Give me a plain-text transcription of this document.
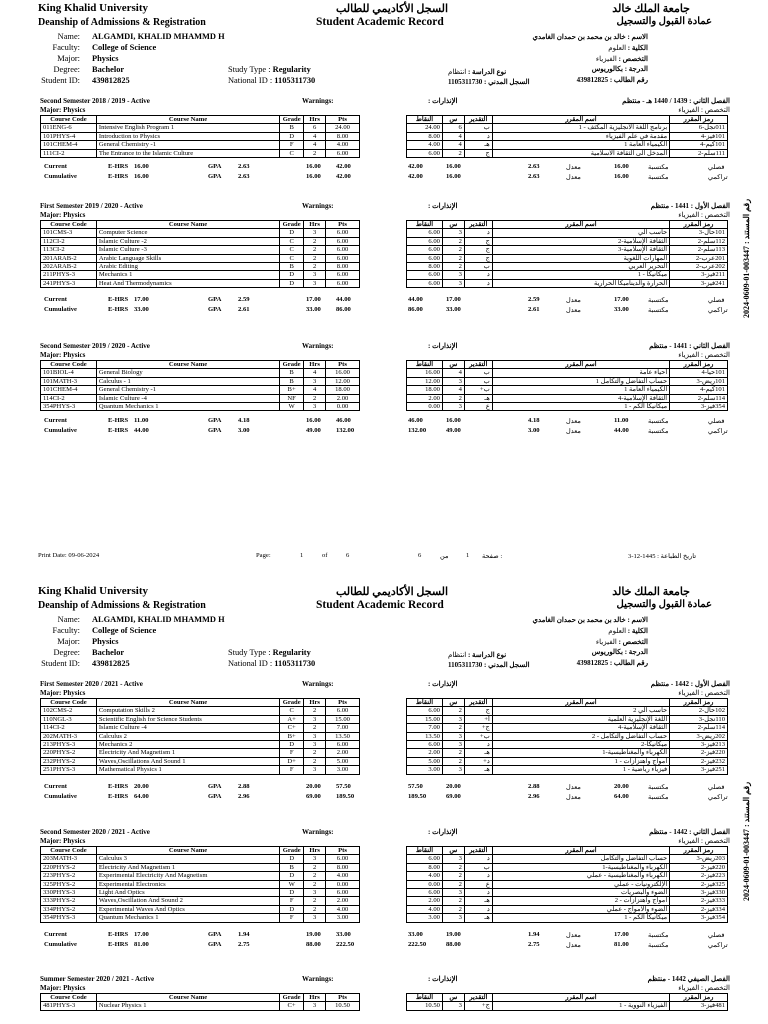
King Khalid University
Deanship of Admissions & Registration
السجل الأكاديمي للطالب
Student Academic Record
جامعة الملك خالد
عمادة القبول والتسجيل
Name: ALGAMDI, KHALID MHAMMD H
Faculty: College of Science
Major: Physics
Degree: Bachelor
Student ID: 439812825
Study Type : Regularity
National ID : 1105311730
الاسم : خالد بن محمد بن حمدان الغامدي
الكلية : العلوم
التخصص : الفيزياء
الدرجة : بكالوريوس
رقم الطالب : 439812825
نوع الدراسة : انتظام
السجل المدني : 1105311730
Second Semester 2018 / 2019 - Active	Warnings:
Major: Physics
الفصل الثاني : 1439 / 1440 هـ - منتظم
الإنذارات :
التخصص : الفيزياء
Course Code	Course Name	Grade	Hrs	Pts
011ENG-6	Intensive English Program 1	B	6	24.00
101PHYS-4	Introduction to Physics	D	4	8.00
101CHEM-4	General Chemistry -1	F	4	4.00
111CI-2	The Entrance to the Islamic Culture	C	2	6.00
رمز المقرر	اسم المقرر	التقدير	س	النقاط
011نجل-6	برنامج اللغة الانجليزية المكثف - 1	ب	6	24.00
101فيز-4	مقدمة في علم الفيزياء	د	4	8.00
101كيم-4	الكيمياء العامة 1	هـ	4	4.00
111سلم-2	المدخل الى الثقافة الاسلامية	ج	2	6.00
Current	E-HRS 16.00	GPA	2.63	16.00 42.00	42.00	16.00	2.63	معدل	16.00	مكتسبة	فصلي
Cumulative	E-HRS 16.00	GPA	2.63	16.00 42.00	42.00	16.00	2.63	معدل	16.00	مكتسبة	تراكمي
First Semester 2019 / 2020 - Active	Warnings:
Major: Physics
الفصل الأول : 1441 - منتظم
الإنذارات :
التخصص : الفيزياء
Course Code	Course Name	Grade	Hrs	Pts
101CMS-3	Computer Science	D	3	6.00
112CI-2	Islamic Culture -2	C	2	6.00
113CI-2	Islamic Culture -3	C	2	6.00
201ARAB-2	Arabic Language Skills	C	2	6.00
202ARAB-2	Arabic Editing	B	2	8.00
211PHYS-3	Mechanics 1	D	3	6.00
241PHYS-3	Heat And Thermodynamics	D	3	6.00
رمز المقرر	اسم المقرر	التقدير	س	النقاط
101حال-3	حاسب آلي	د	3	6.00
112سلم-2	الثقافة الإسلامية-2	ج	2	6.00
113سلم-2	الثقافة الإسلامية-3	ج	2	6.00
201عرب-2	المهارات اللغوية	ج	2	6.00
202عرب-2	التحرير العربي	ب	2	8.00
211فيز-3	ميكانيكا - 1	د	3	6.00
241فيز-3	الحرارة والديناميكا الحرارية	د	3	6.00
Current	E-HRS 17.00	GPA	2.59	17.00 44.00	44.00	17.00	2.59	معدل	17.00	مكتسبة	فصلي
Cumulative	E-HRS 33.00	GPA	2.61	33.00 86.00	86.00	33.00	2.61	معدل	33.00	مكتسبة	تراكمي
Second Semester 2019 / 2020 - Active	Warnings:
Major: Physics
الفصل الثاني : 1441 - منتظم
الإنذارات :
التخصص : الفيزياء
Course Code	Course Name	Grade	Hrs	Pts
101BIOL-4	General Biology	B	4	16.00
101MATH-3	Calculus - 1	B	3	12.00
101CHEM-4	General Chemistry -1	B+	4	18.00
114CI-2	Islamic Culture -4	NF	2	2.00
354PHYS-3	Quantum Mechanics 1	W	3	0.00
رمز المقرر	اسم المقرر	التقدير	س	النقاط
101حيا-4	أحياء عامة	ب	4	16.00
101ريض-3	حساب التفاضل والتكامل 1	ب	3	12.00
101كيم-4	الكيمياء العامة 1	ب+	4	18.00
114سلم-2	الثقافة الإسلامية-4	هـ	2	2.00
354فيز-3	ميكانيكا الكم - 1	ع	3	0.00
Current	E-HRS 11.00	GPA	4.18	16.00 46.00	46.00	16.00	4.18	معدل	11.00	مكتسبة	فصلي
Cumulative	E-HRS 44.00	GPA	3.00	49.00 132.00	132.00	49.00	3.00	معدل	44.00	مكتسبة	تراكمي
Print Date: 09-06-2024	Page:	1	of	6	6	من	1 صفحة :	تاريخ الطباعة : 1445-12-3
2024-0609-01-003447 : رقم المستند
King Khalid University
Deanship of Admissions & Registration
السجل الأكاديمي للطالب
Student Academic Record
جامعة الملك خالد
عمادة القبول والتسجيل
Name: ALGAMDI, KHALID MHAMMD H
Faculty: College of Science
Major: Physics
Degree: Bachelor
Student ID: 439812825
Study Type : Regularity
National ID : 1105311730
الاسم : خالد بن محمد بن حمدان الغامدي
الكلية : العلوم
التخصص : الفيزياء
الدرجة : بكالوريوس
رقم الطالب : 439812825
نوع الدراسة : انتظام
السجل المدني : 1105311730
First Semester 2020 / 2021 - Active	Warnings:
Major: Physics
الفصل الأول : 1442 - منتظم
الإنذارات :
التخصص : الفيزياء
Course Code	Course Name	Grade	Hrs	Pts
102CMS-2	Computation Skills 2	C	2	6.00
110NGL-3	Scientific English for Science Students	A+	3	15.00
114CI-2	Islamic Culture -4	C+	2	7.00
202MATH-3	Calculus 2	B+	3	13.50
213PHYS-3	Mechanics 2	D	3	6.00
220PHYS-2	Electricity And Magnetism 1	F	2	2.00
232PHYS-2	Waves,Oscillations And Sound 1	D+	2	5.00
251PHYS-3	Mathematical Physics 1	F	3	3.00
رمز المقرر	اسم المقرر	التقدير	س	النقاط
102حال-2	حاسب آلي 2	ج	2	6.00
110نجل-3	اللغة الإنجليزية العلمية	أ+	3	15.00
114سلم-2	الثقافة الإسلامية-4	ج+	2	7.00
202ريض-3	حساب التفاضل والتكامل - 2	ب+	3	13.50
213فيز-3	ميكانيكا-2	د	3	6.00
220فيز-2	الكهرباء والمغناطيسية-1	هـ	2	2.00
232فيز-2	امواج واهتزازات - 1	د+	2	5.00
251فيز-3	فيزياء رياضية - 1	هـ	3	3.00
Current	E-HRS 20.00	GPA	2.88	20.00 57.50	57.50	20.00	2.88	معدل	20.00	مكتسبة	فصلي
Cumulative	E-HRS 64.00	GPA	2.96	69.00 189.50	189.50	69.00	2.96	معدل	64.00	مكتسبة	تراكمي
Second Semester 2020 / 2021 - Active	Warnings:
Major: Physics
الفصل الثاني : 1442 - منتظم
الإنذارات :
التخصص : الفيزياء
Course Code	Course Name	Grade	Hrs	Pts
203MATH-3	Calculus 3	D	3	6.00
220PHYS-2	Electricity And Magnetism 1	B	2	8.00
223PHYS-2	Experimental Electricity And Magnetism	D	2	4.00
325PHYS-2	Experimental Electronics	W	2	0.00
330PHYS-3	Light And Optics	D	3	6.00
333PHYS-2	Waves,Oscillation And Sound 2	F	2	2.00
334PHYS-2	Experimental Waves And Optics	D	2	4.00
354PHYS-3	Quantum Mechanics 1	F	3	3.00
رمز المقرر	اسم المقرر	التقدير	س	النقاط
203ريض-3	حساب التفاضل والتكامل	د	3	6.00
220فيز-2	الكهرباء والمغناطيسية-1	ب	2	8.00
223فيز-2	الكهرباء والمغناطيسية - عملي	د	2	4.00
325فيز-2	الإلكترونيات - عملي	ع	2	0.00
330فيز-3	الضوء والبصريات	د	3	6.00
333فيز-2	امواج واهتزازات - 2	هـ	2	2.00
334فيز-2	الضوء والامواج - عملي	د	2	4.00
354فيز-3	ميكانيكا الكم - 1	هـ	3	3.00
Current	E-HRS 17.00	GPA	1.94	19.00 33.00	33.00	19.00	1.94	معدل	17.00	مكتسبة	فصلي
Cumulative	E-HRS 81.00	GPA	2.75	88.00 222.50	222.50	88.00	2.75	معدل	81.00	مكتسبة	تراكمي
Summer Semester 2020 / 2021 - Active	Warnings:
Major: Physics
الفصل الصيفي 1442 - منتظم
الإنذارات :
التخصص : الفيزياء
Course Code	Course Name	Grade	Hrs	Pts
481PHYS-3	Nuclear Physics 1	C+	3	10.50
رمز المقرر	اسم المقرر	التقدير	س	النقاط
481فيز-3	الفيزياء النووية - 1	ج+	3	10.50
2024-0609-01-003447 : رقم المستند
